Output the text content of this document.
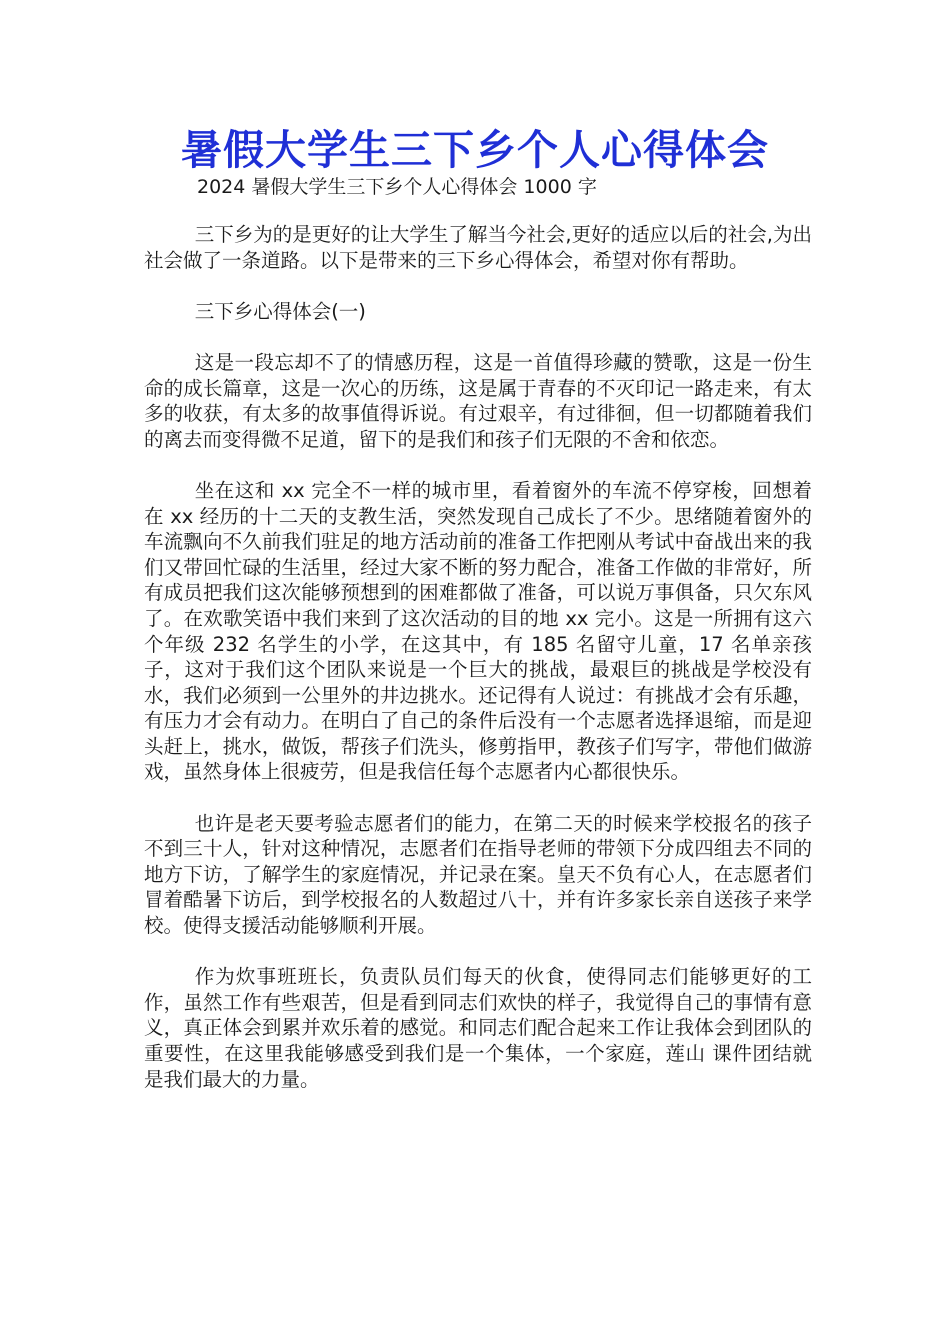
暑假大学生三下乡个人心得体会
2024 暑假大学生三下乡个人心得体会 1000 字

三下乡为的是更好的让大学生了解当今社会,更好的适应以后的社会,为出社会做了一条道路。以下是带来的三下乡心得体会，希望对你有帮助。

三下乡心得体会(一)

这是一段忘却不了的情感历程，这是一首值得珍藏的赞歌，这是一份生命的成长篇章，这是一次心的历练，这是属于青春的不灭印记一路走来，有太多的收获，有太多的故事值得诉说。有过艰辛，有过徘徊，但一切都随着我们的离去而变得微不足道，留下的是我们和孩子们无限的不舍和依恋。

坐在这和 xx 完全不一样的城市里，看着窗外的车流不停穿梭，回想着在 xx 经历的十二天的支教生活，突然发现自己成长了不少。思绪随着窗外的车流飘向不久前我们驻足的地方活动前的准备工作把刚从考试中奋战出来的我们又带回忙碌的生活里，经过大家不断的努力配合，准备工作做的非常好，所有成员把我们这次能够预想到的困难都做了准备，可以说万事俱备，只欠东风了。在欢歌笑语中我们来到了这次活动的目的地 xx 完小。这是一所拥有这六个年级 232 名学生的小学，在这其中，有 185 名留守儿童，17 名单亲孩子，这对于我们这个团队来说是一个巨大的挑战，最艰巨的挑战是学校没有水，我们必须到一公里外的井边挑水。还记得有人说过：有挑战才会有乐趣，有压力才会有动力。在明白了自己的条件后没有一个志愿者选择退缩，而是迎头赶上，挑水，做饭，帮孩子们洗头，修剪指甲，教孩子们写字，带他们做游戏，虽然身体上很疲劳，但是我信任每个志愿者内心都很快乐。

也许是老天要考验志愿者们的能力，在第二天的时候来学校报名的孩子不到三十人，针对这种情况，志愿者们在指导老师的带领下分成四组去不同的地方下访，了解学生的家庭情况，并记录在案。皇天不负有心人，在志愿者们冒着酷暑下访后，到学校报名的人数超过八十，并有许多家长亲自送孩子来学校。使得支援活动能够顺利开展。

作为炊事班班长，负责队员们每天的伙食，使得同志们能够更好的工作，虽然工作有些艰苦，但是看到同志们欢快的样子，我觉得自己的事情有意义，真正体会到累并欢乐着的感觉。和同志们配合起来工作让我体会到团队的重要性，在这里我能够感受到我们是一个集体，一个家庭，莲山 课件团结就是我们最大的力量。
